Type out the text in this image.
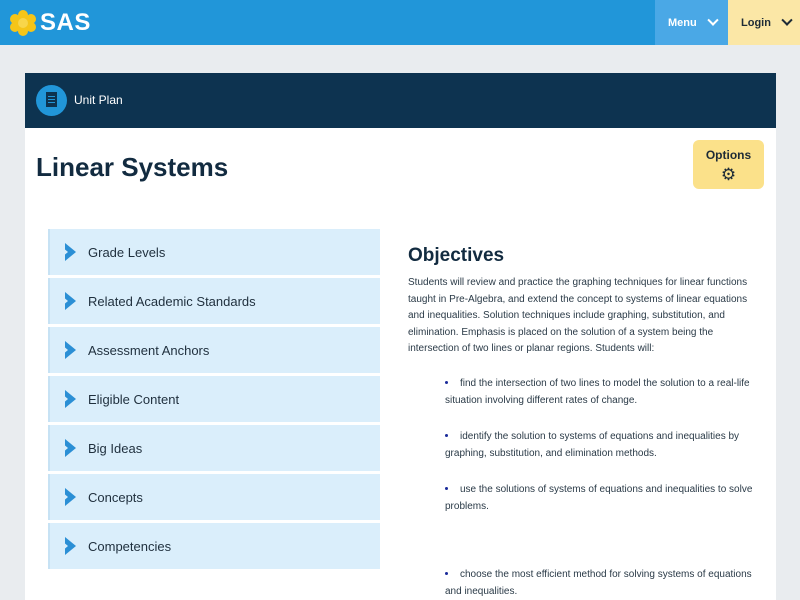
SAS	Menu	Login
Unit Plan
Linear Systems	Options
⚙
Grade Levels
Related Academic Standards
Assessment Anchors
Eligible Content
Big Ideas
Concepts
Competencies
Objectives

Students will review and practice the graphing techniques for linear functions taught in Pre-Algebra, and extend the concept to systems of linear equations and inequalities. Solution techniques include graphing, substitution, and elimination. Emphasis is placed on the solution of a system being the intersection of two lines or planar regions. Students will:

find the intersection of two lines to model the solution to a real-life situation involving different rates of change.
identify the solution to systems of equations and inequalities by graphing, substitution, and elimination methods.
use the solutions of systems of equations and inequalities to solve problems.
choose the most efficient method for solving systems of equations and inequalities.
